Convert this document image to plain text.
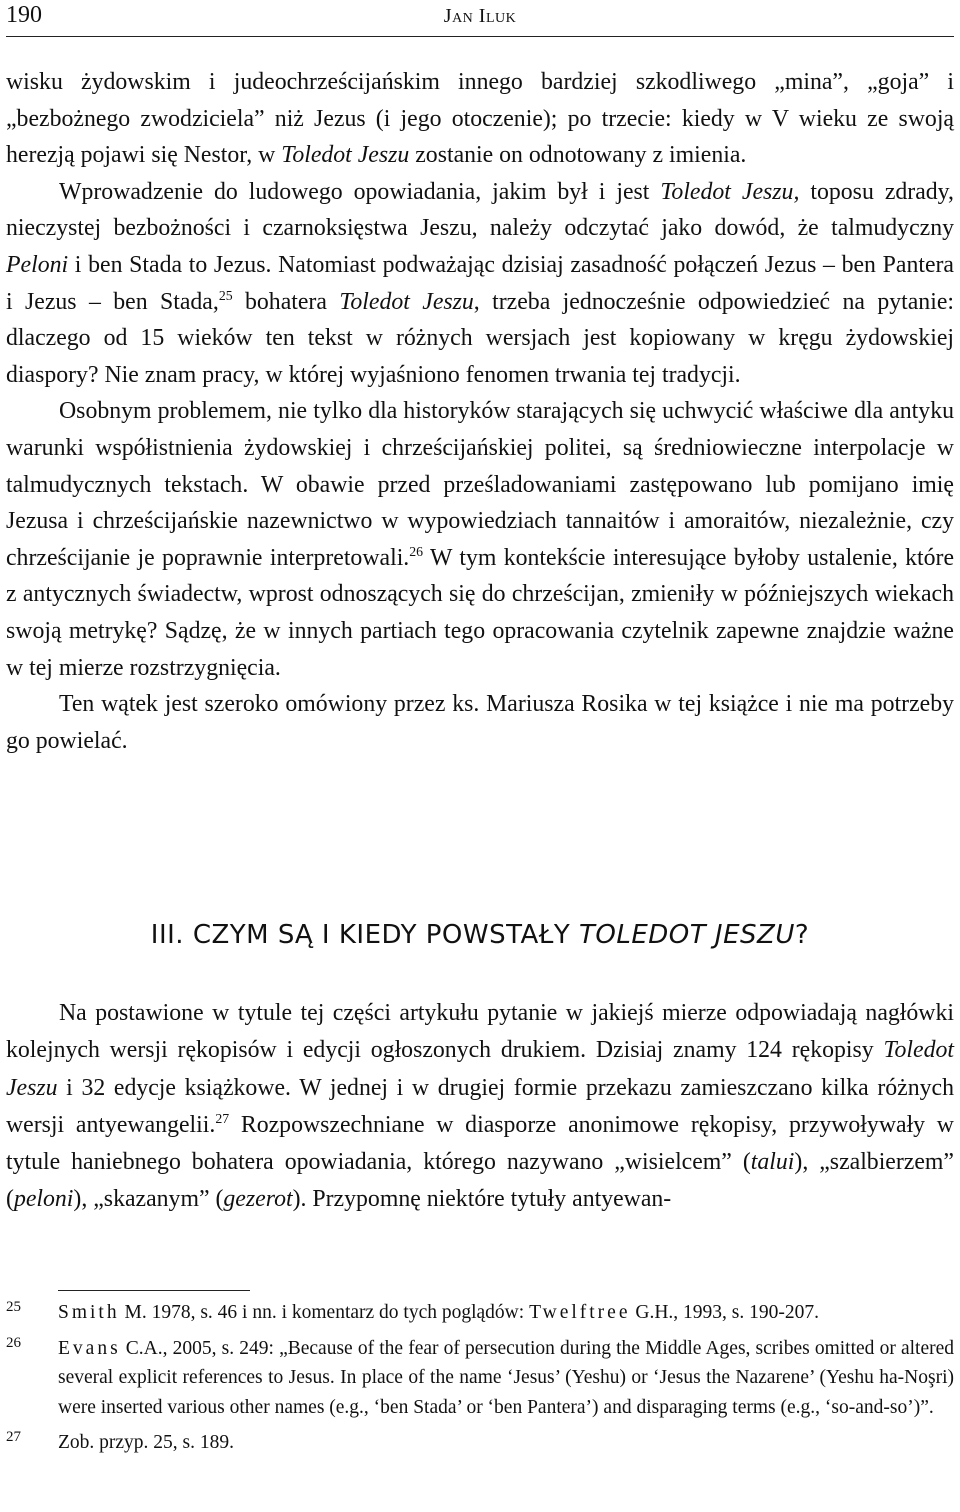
190	Jan Iluk

wisku żydowskim i judeochrześcijańskim innego bardziej szkodliwego „mina”, „goja” i „bezbożnego zwodziciela” niż Jezus (i jego otoczenie); po trzecie: kiedy w V wieku ze swoją herezją pojawi się Nestor, w Toledot Jeszu zostanie on odnotowany z imienia.

Wprowadzenie do ludowego opowiadania, jakim był i jest Toledot Jeszu, toposu zdrady, nieczystej bezbożności i czarnoksięstwa Jeszu, należy odczytać jako dowód, że talmudyczny Peloni i ben Stada to Jezus. Natomiast podważając dzisiaj zasadność połączeń Jezus – ben Pantera i Jezus – ben Stada,$^{25}$ bohatera Toledot Jeszu, trzeba jednocześnie odpowiedzieć na pytanie: dlaczego od 15 wieków ten tekst w różnych wersjach jest kopiowany w kręgu żydowskiej diaspory? Nie znam pracy, w której wyjaśniono fenomen trwania tej tradycji.

Osobnym problemem, nie tylko dla historyków starających się uchwycić właściwe dla antyku warunki współistnienia żydowskiej i chrześcijańskiej politei, są średniowieczne interpolacje w talmudycznych tekstach. W obawie przed prześladowaniami zastępowano lub pomijano imię Jezusa i chrześcijańskie nazewnictwo w wypowiedziach tannaitów i amoraitów, niezależnie, czy chrześcijanie je poprawnie interpretowali.$^{26}$ W tym kontekście interesujące byłoby ustalenie, które z antycznych świadectw, wprost odnoszących się do chrześcijan, zmieniły w późniejszych wiekach swoją metrykę? Sądzę, że w innych partiach tego opracowania czytelnik zapewne znajdzie ważne w tej mierze rozstrzygnięcia.

Ten wątek jest szeroko omówiony przez ks. Mariusza Rosika w tej książce i nie ma potrzeby go powielać.

III. CZYM SĄ I KIEDY POWSTAŁY TOLEDOT JESZU?

Na postawione w tytule tej części artykułu pytanie w jakiejś mierze odpowiadają nagłówki kolejnych wersji rękopisów i edycji ogłoszonych drukiem. Dzisiaj znamy 124 rękopisy Toledot Jeszu i 32 edycje książkowe. W jednej i w drugiej formie przekazu zamieszczano kilka różnych wersji antyewangelii.$^{27}$ Rozpowszechniane w diasporze anonimowe rękopisy, przywoływały w tytule haniebnego bohatera opowiadania, którego nazywano „wisielcem” (talui), „szalbierzem” (peloni), „skazanym” (gezerot). Przypomnę niektóre tytuły antyewan-

25 Smith M. 1978, s. 46 i nn. i komentarz do tych poglądów: Twelftree G.H., 1993, s. 190-207.
26 Evans C.A., 2005, s. 249: „Because of the fear of persecution during the Middle Ages, scribes omitted or altered several explicit references to Jesus. In place of the name ‘Jesus’ (Yeshu) or ‘Jesus the Nazarene’ (Yeshu ha-Noşri) were inserted various other names (e.g., ‘ben Stada’ or ‘ben Pantera’) and disparaging terms (e.g., ‘so-and-so’)”.
27 Zob. przyp. 25, s. 189.
